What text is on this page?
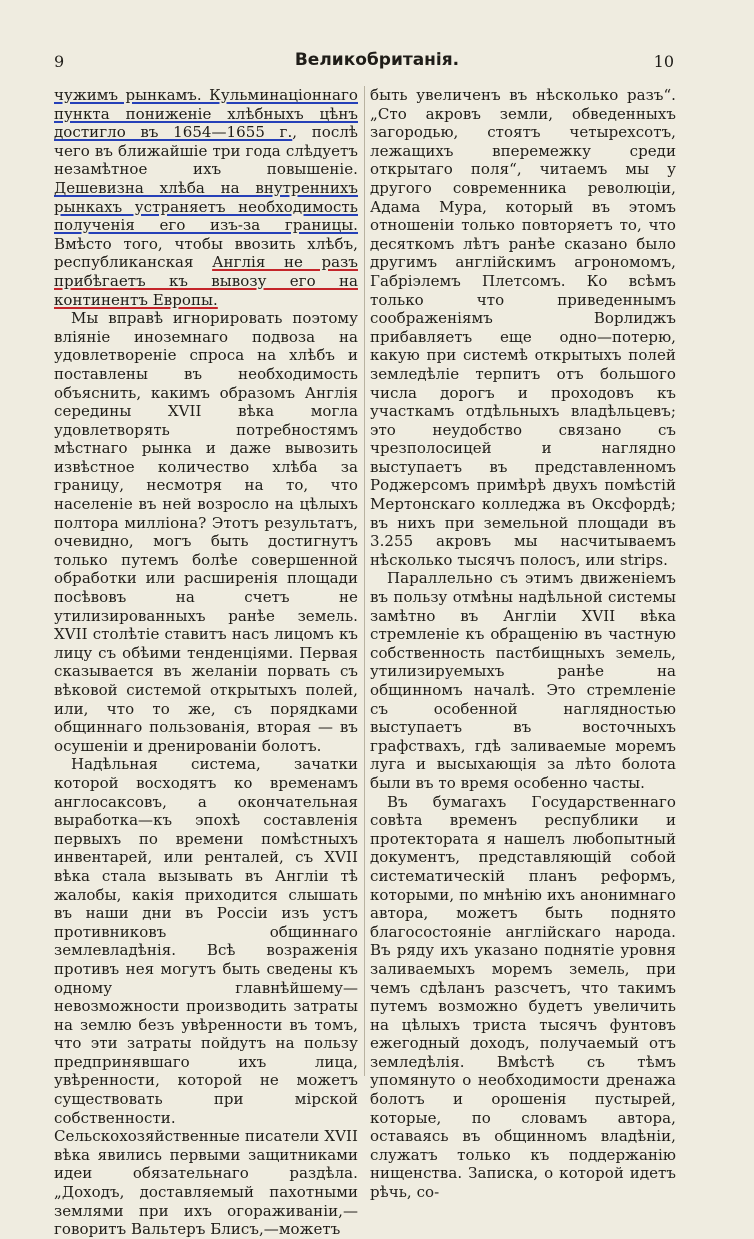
9	Великобританія.	10

чужимъ рынкамъ. Кульминаціоннаго пункта пониженіе хлѣбныхъ цѣнъ достигло въ 1654—1655 г., послѣ чего въ ближайшіе три года слѣдуетъ незамѣтное ихъ повышеніе. Дешевизна хлѣба на внутреннихъ рынкахъ устраняетъ необходимость полученія его изъ-за границы. Вмѣсто того, чтобы ввозить хлѣбъ, республиканская Англія не разъ прибѣгаетъ къ вывозу его на континентъ Европы.

Мы вправѣ игнорировать поэтому вліяніе иноземнаго подвоза на удовлетвореніе спроса на хлѣбъ и поставлены въ необходимость объяснить, какимъ образомъ Англія середины XVII вѣка могла удовлетворять потребностямъ мѣстнаго рынка и даже вывозить извѣстное количество хлѣба за границу, несмотря на то, что населеніе въ ней возросло на цѣлыхъ полтора милліона? Этотъ результатъ, очевидно, могъ быть достигнутъ только путемъ болѣе совершенной обработки или расширенія площади посѣвовъ на счетъ не утилизированныхъ ранѣе земель. XVII столѣтіе ставитъ насъ лицомъ къ лицу съ обѣими тенденціями. Первая сказывается въ желаніи порвать съ вѣковой системой открытыхъ полей, или, что то же, съ порядками общиннаго пользованія, вторая — въ осушеніи и дренированіи болотъ.

Надѣльная система, зачатки которой восходятъ ко временамъ англосаксовъ, а окончательная выработка—къ эпохѣ составленія первыхъ по времени помѣстныхъ инвентарей, или ренталей, съ XVII вѣка стала вызывать въ Англіи тѣ жалобы, какія приходится слышать въ наши дни въ Россіи изъ устъ противниковъ общиннаго землевладѣнія. Всѣ возраженія противъ нея могутъ быть сведены къ одному главнѣйшему—невозможности производить затраты на землю безъ увѣренности въ томъ, что эти затраты пойдутъ на пользу предпринявшаго ихъ лица, увѣренности, которой не можетъ существовать при мірской собственности. Сельскохозяйственные писатели XVII вѣка явились первыми защитниками идеи обязательнаго раздѣла. „Доходъ, доставляемый пахотными землями при ихъ огораживаніи,— говоритъ Вальтеръ Блисъ,—можетъ

быть увеличенъ въ нѣсколько разъ“. „Сто акровъ земли, обведенныхъ загородью, стоятъ четырехсотъ, лежащихъ вперемежку среди открытаго поля“, читаемъ мы у другого современника революціи, Адама Мура, который въ этомъ отношеніи только повторяетъ то, что десяткомъ лѣтъ ранѣе сказано было другимъ англійскимъ агрономомъ, Габріэлемъ Плетсомъ. Ко всѣмъ только что приведеннымъ соображеніямъ Ворлиджъ прибавляетъ еще одно—потерю, какую при системѣ открытыхъ полей земледѣліе терпитъ отъ большого числа дорогъ и проходовъ къ участкамъ отдѣльныхъ владѣльцевъ; это неудобство связано съ чрезполосицей и наглядно выступаетъ въ представленномъ Роджерсомъ примѣрѣ двухъ помѣстій Мертонскаго колледжа въ Оксфордѣ; въ нихъ при земельной площади въ 3.255 акровъ мы насчитываемъ нѣсколько тысячъ полосъ, или strips.

Параллельно съ этимъ движеніемъ въ пользу отмѣны надѣльной системы замѣтно въ Англіи XVII вѣка стремленіе къ обращенію въ частную собственность пастбищныхъ земель, утилизируемыхъ ранѣе на общинномъ началѣ. Это стремленіе съ особенной наглядностью выступаетъ въ восточныхъ графствахъ, гдѣ заливаемые моремъ луга и высыхающія за лѣто болота были въ то время особенно часты.

Въ бумагахъ Государственнаго совѣта временъ республики и протектората я нашелъ любопытный документъ, представляющій собой систематическій планъ реформъ, которыми, по мнѣнію ихъ анонимнаго автора, можетъ быть поднято благосостояніе англійскаго народа. Въ ряду ихъ указано поднятіе уровня заливаемыхъ моремъ земель, при чемъ сдѣланъ разсчетъ, что такимъ путемъ возможно будетъ увеличить на цѣлыхъ триста тысячъ фунтовъ ежегодный доходъ, получаемый отъ земледѣлія. Вмѣстѣ съ тѣмъ упомянуто о необходимости дренажа болотъ и орошенія пустырей, которые, по словамъ автора, оставаясь въ общинномъ владѣніи, служатъ только къ поддержанію нищенства. Записка, о которой идетъ рѣчь, со-
